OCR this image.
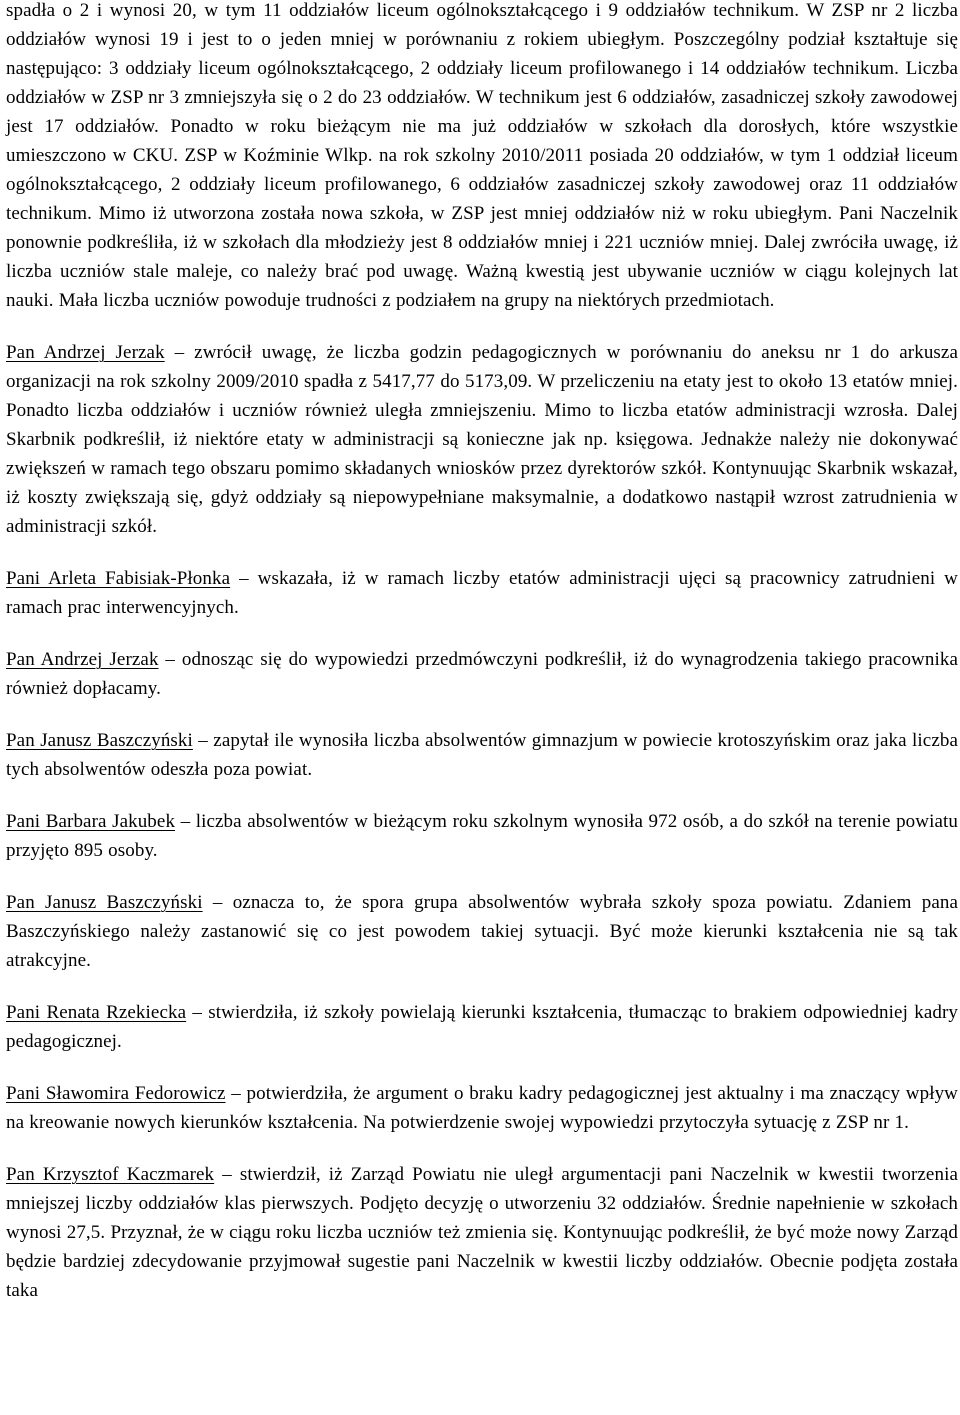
spadła o 2 i wynosi 20, w tym 11 oddziałów liceum ogólnokształcącego i 9 oddziałów technikum. W ZSP nr 2 liczba oddziałów wynosi 19 i jest to o jeden mniej w porównaniu z rokiem ubiegłym. Poszczególny podział kształtuje się następująco: 3 oddziały liceum ogólnokształcącego, 2 oddziały liceum profilowanego i 14 oddziałów technikum. Liczba oddziałów w ZSP nr 3 zmniejszyła się o 2 do 23 oddziałów. W technikum jest 6 oddziałów, zasadniczej szkoły zawodowej jest 17 oddziałów. Ponadto w roku bieżącym nie ma już oddziałów w szkołach dla dorosłych, które wszystkie umieszczono w CKU. ZSP w Koźminie Wlkp. na rok szkolny 2010/2011 posiada 20 oddziałów, w tym 1 oddział liceum ogólnokształcącego, 2 oddziały liceum profilowanego, 6 oddziałów zasadniczej szkoły zawodowej oraz 11 oddziałów technikum. Mimo iż utworzona została nowa szkoła, w ZSP jest mniej oddziałów niż w roku ubiegłym. Pani Naczelnik ponownie podkreśliła, iż w szkołach dla młodzieży jest 8 oddziałów mniej i 221 uczniów mniej. Dalej zwróciła uwagę, iż liczba uczniów stale maleje, co należy brać pod uwagę. Ważną kwestią jest ubywanie uczniów w ciągu kolejnych lat nauki. Mała liczba uczniów powoduje trudności z podziałem na grupy na niektórych przedmiotach.

Pan Andrzej Jerzak – zwrócił uwagę, że liczba godzin pedagogicznych w porównaniu do aneksu nr 1 do arkusza organizacji na rok szkolny 2009/2010 spadła z 5417,77 do 5173,09. W przeliczeniu na etaty jest to około 13 etatów mniej. Ponadto liczba oddziałów i uczniów również uległa zmniejszeniu. Mimo to liczba etatów administracji wzrosła. Dalej Skarbnik podkreślił, iż niektóre etaty w administracji są konieczne jak np. księgowa. Jednakże należy nie dokonywać zwiększeń w ramach tego obszaru pomimo składanych wniosków przez dyrektorów szkół. Kontynuując Skarbnik wskazał, iż koszty zwiększają się, gdyż oddziały są niepowypełniane maksymalnie, a dodatkowo nastąpił wzrost zatrudnienia w administracji szkół.

Pani Arleta Fabisiak-Płonka – wskazała, iż w ramach liczby etatów administracji ujęci są pracownicy zatrudnieni w ramach prac interwencyjnych.

Pan Andrzej Jerzak – odnosząc się do wypowiedzi przedmówczyni podkreślił, iż do wynagrodzenia takiego pracownika również dopłacamy.

Pan Janusz Baszczyński – zapytał ile wynosiła liczba absolwentów gimnazjum w powiecie krotoszyńskim oraz jaka liczba tych absolwentów odeszła poza powiat.

Pani Barbara Jakubek – liczba absolwentów w bieżącym roku szkolnym wynosiła 972 osób, a do szkół na terenie powiatu przyjęto 895 osoby.

Pan Janusz Baszczyński – oznacza to, że spora grupa absolwentów wybrała szkoły spoza powiatu. Zdaniem pana Baszczyńskiego należy zastanowić się co jest powodem takiej sytuacji. Być może kierunki kształcenia nie są tak atrakcyjne.

Pani Renata Rzekiecka – stwierdziła, iż szkoły powielają kierunki kształcenia, tłumacząc to brakiem odpowiedniej kadry pedagogicznej.

Pani Sławomira Fedorowicz – potwierdziła, że argument o braku kadry pedagogicznej jest aktualny i ma znaczący wpływ na kreowanie nowych kierunków kształcenia. Na potwierdzenie swojej wypowiedzi przytoczyła sytuację z ZSP nr 1.

Pan Krzysztof Kaczmarek – stwierdził, iż Zarząd Powiatu nie uległ argumentacji pani Naczelnik w kwestii tworzenia mniejszej liczby oddziałów klas pierwszych. Podjęto decyzję o utworzeniu 32 oddziałów. Średnie napełnienie w szkołach wynosi 27,5. Przyznał, że w ciągu roku liczba uczniów też zmienia się. Kontynuując podkreślił, że być może nowy Zarząd będzie bardziej zdecydowanie przyjmował sugestie pani Naczelnik w kwestii liczby oddziałów. Obecnie podjęta została taka
